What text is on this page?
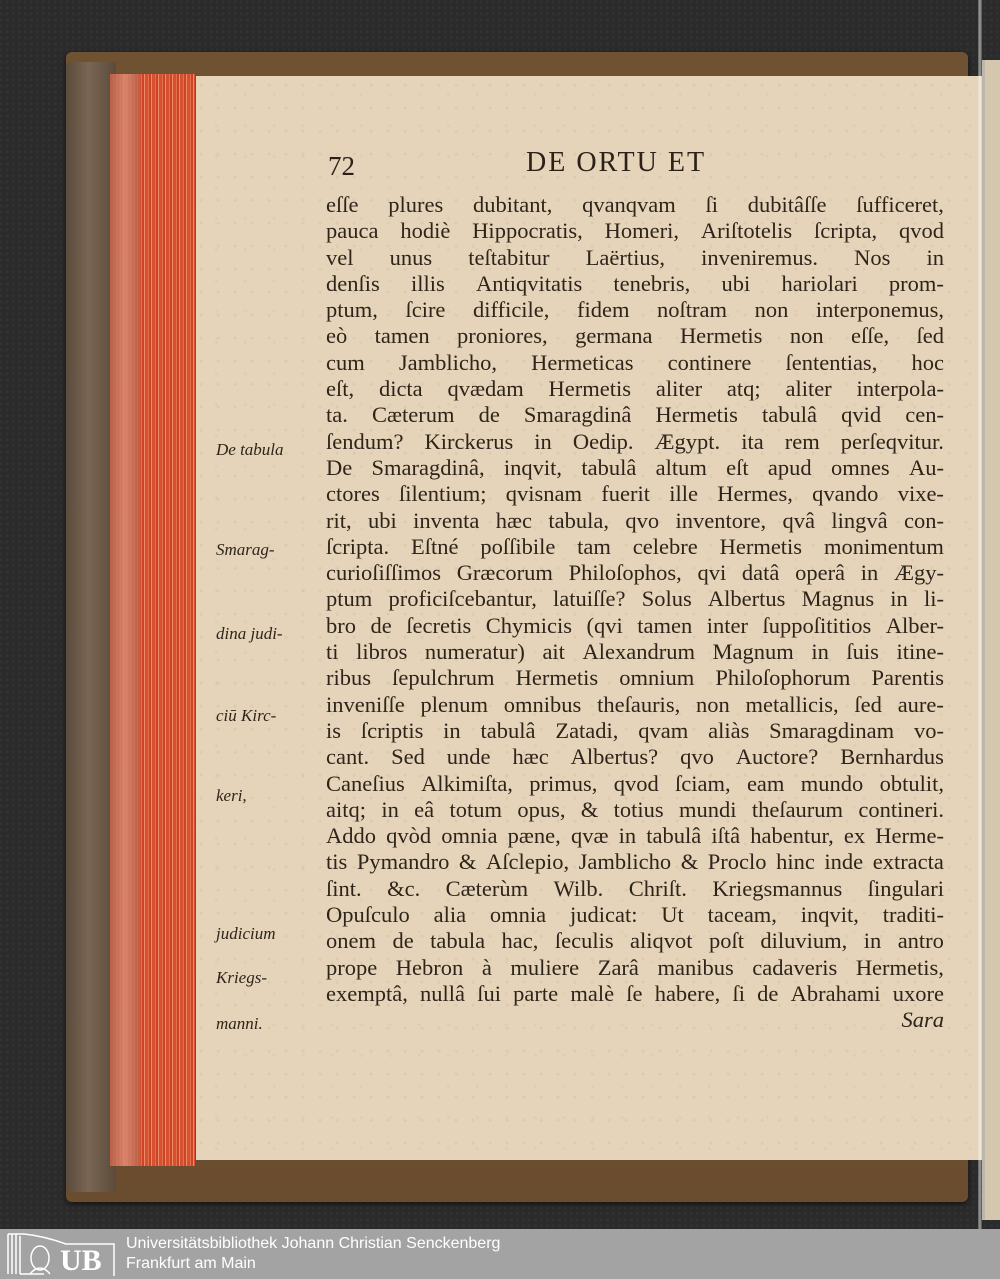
72	DE ORTU ET
De tabula
Smarag-
dina judi-
ciū Kirc-
keri,
judicium
Kriegs-
manni.
eſſe plures dubitant, qvanqvam ſi dubitâſſe ſufficeret,
pauca hodiè Hippocratis, Homeri, Ariſtotelis ſcripta, qvod
vel unus teſtabitur Laërtius, inveniremus. Nos in
denſis illis Antiqvitatis tenebris, ubi hariolari prom-
ptum, ſcire difficile, fidem noſtram non interponemus,
eò tamen proniores, germana Hermetis non eſſe, ſed
cum Jamblicho, Hermeticas continere ſententias, hoc
eſt, dicta qvædam Hermetis aliter atq; aliter interpola-
ta. Cæterum de Smaragdinâ Hermetis tabulâ qvid cen-
ſendum? Kirckerus in Oedip. Ægypt. ita rem perſeqvitur.
De Smaragdinâ, inqvit, tabulâ altum eſt apud omnes Au-
ctores ſilentium; qvisnam fuerit ille Hermes, qvando vixe-
rit, ubi inventa hæc tabula, qvo inventore, qvâ lingvâ con-
ſcripta. Eſtné poſſibile tam celebre Hermetis monimentum
curioſiſſimos Græcorum Philoſophos, qvi datâ operâ in Ægy-
ptum proficiſcebantur, latuiſſe? Solus Albertus Magnus in li-
bro de ſecretis Chymicis (qvi tamen inter ſuppoſititios Alber-
ti libros numeratur) ait Alexandrum Magnum in ſuis itine-
ribus ſepulchrum Hermetis omnium Philoſophorum Parentis
inveniſſe plenum omnibus theſauris, non metallicis, ſed aure-
is ſcriptis in tabulâ Zatadi, qvam aliàs Smaragdinam vo-
cant. Sed unde hæc Albertus? qvo Auctore? Bernhardus
Caneſius Alkimiſta, primus, qvod ſciam, eam mundo obtulit,
aitq; in eâ totum opus, & totius mundi theſaurum contineri.
Addo qvòd omnia pæne, qvæ in tabulâ iſtâ habentur, ex Herme-
tis Pymandro & Aſclepio, Jamblicho & Proclo hinc inde extracta
ſint. &c. Cæterùm Wilb. Chriſt. Kriegsmannus ſingulari
Opuſculo alia omnia judicat: Ut taceam, inqvit, traditi-
onem de tabula hac, ſeculis aliqvot poſt diluvium, in antro
prope Hebron à muliere Zarâ manibus cadaveris Hermetis,
exemptâ, nullâ ſui parte malè ſe habere, ſi de Abrahami uxore
Sara
UB
Universitätsbibliothek Johann Christian Senckenberg
Frankfurt am Main
